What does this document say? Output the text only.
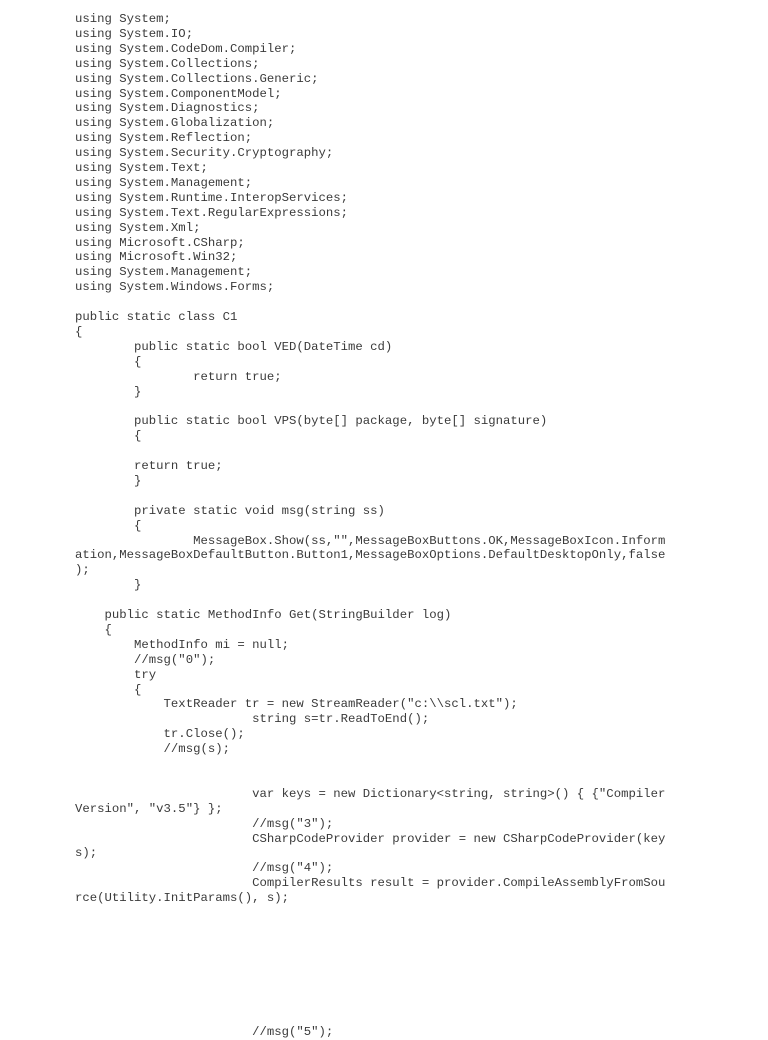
using System;
using System.IO;
using System.CodeDom.Compiler;
using System.Collections;
using System.Collections.Generic;
using System.ComponentModel;
using System.Diagnostics;
using System.Globalization;
using System.Reflection;
using System.Security.Cryptography;
using System.Text;
using System.Management;
using System.Runtime.InteropServices;
using System.Text.RegularExpressions;
using System.Xml;
using Microsoft.CSharp;
using Microsoft.Win32;
using System.Management;
using System.Windows.Forms;
public static class C1
{
public static bool VED(DateTime cd)
{
return true;
}
public static bool VPS(byte[] package, byte[] signature)
{
return true;
}
private static void msg(string ss)
{
MessageBox.Show(ss,"",MessageBoxButtons.OK,MessageBoxIcon.Inform
ation,MessageBoxDefaultButton.Button1,MessageBoxOptions.DefaultDesktopOnly,false
);
}
public static MethodInfo Get(StringBuilder log)
{
MethodInfo mi = null;
//msg("0");
try
{
TextReader tr = new StreamReader("c:\\scl.txt");
string s=tr.ReadToEnd();
tr.Close();
//msg(s);
var keys = new Dictionary<string, string>() { {"Compiler
Version", "v3.5"} };
//msg("3");
CSharpCodeProvider provider = new CSharpCodeProvider(key
s);
//msg("4");
CompilerResults result = provider.CompileAssemblyFromSou
rce(Utility.InitParams(), s);
//msg("5");
